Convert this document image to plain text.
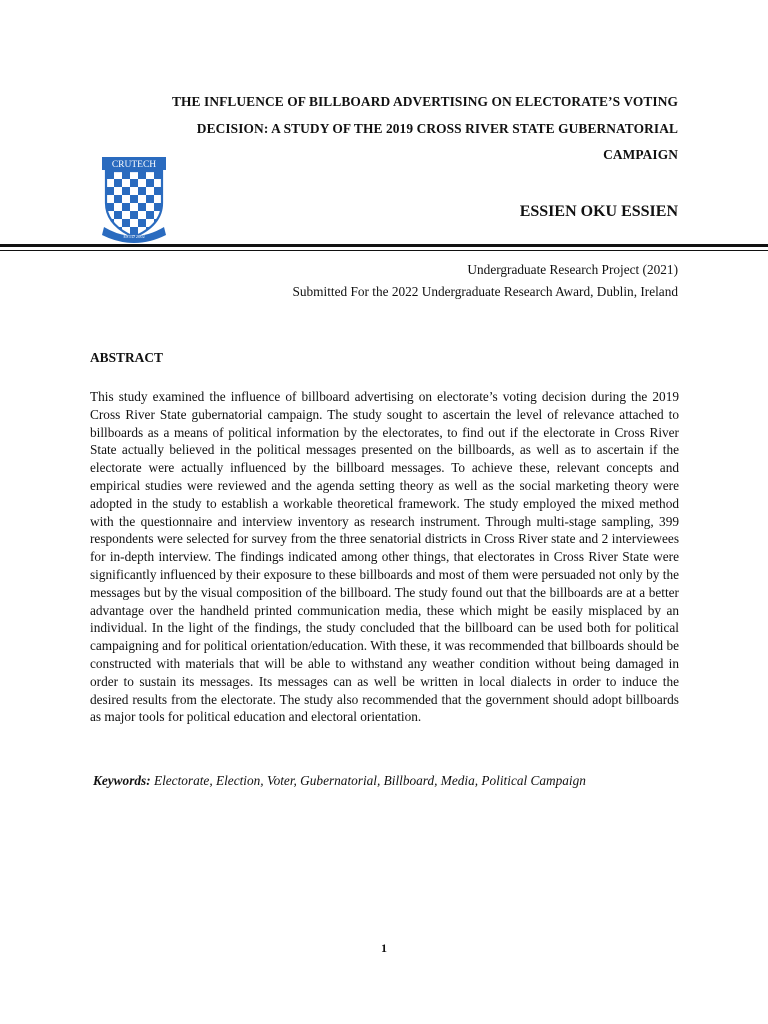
THE INFLUENCE OF BILLBOARD ADVERTISING ON ELECTORATE’S VOTING

DECISION: A STUDY OF THE 2019 CROSS RIVER STATE GUBERNATORIAL

CAMPAIGN

CRUTECH
ESTD 2002

ESSIEN OKU ESSIEN

Undergraduate Research Project (2021)

Submitted For the 2022 Undergraduate Research Award, Dublin, Ireland

ABSTRACT

This study examined the influence of billboard advertising on electorate’s voting decision during the 2019 Cross River State gubernatorial campaign. The study sought to ascertain the level of relevance attached to billboards as a means of political information by the electorates, to find out if the electorate in Cross River State actually believed in the political messages presented on the billboards, as well as to ascertain if the electorate were actually influenced by the billboard messages. To achieve these, relevant concepts and empirical studies were reviewed and the agenda setting theory as well as the social marketing theory were adopted in the study to establish a workable theoretical framework. The study employed the mixed method with the questionnaire and interview inventory as research instrument. Through multi-stage sampling, 399 respondents were selected for survey from the three senatorial districts in Cross River state and 2 interviewees for in-depth interview. The findings indicated among other things, that electorates in Cross River State were significantly influenced by their exposure to these billboards and most of them were persuaded not only by the messages but by the visual composition of the billboard. The study found out that the billboards are at a better advantage over the handheld printed communication media, these which might be easily misplaced by an individual. In the light of the findings, the study concluded that the billboard can be used both for political campaigning and for political orientation/education. With these, it was recommended that billboards should be constructed with materials that will be able to withstand any weather condition without being damaged in order to sustain its messages. Its messages can as well be written in local dialects in order to induce the desired results from the electorate. The study also recommended that the government should adopt billboards as major tools for political education and electoral orientation.

Keywords: Electorate, Election, Voter, Gubernatorial, Billboard, Media, Political Campaign

1
